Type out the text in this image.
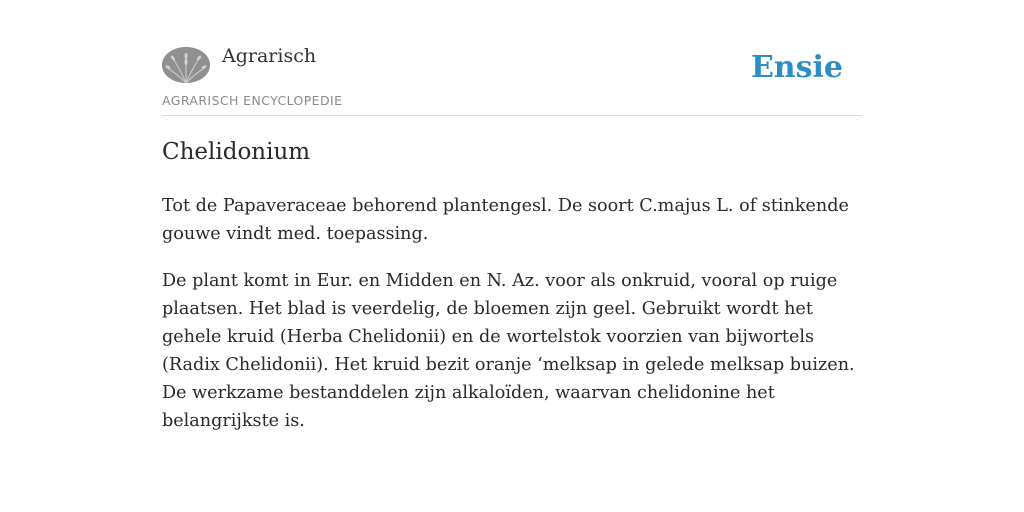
Agrarisch
AGRARISCH ENCYCLOPEDIE
Ensie
Chelidonium

Tot de Papaveraceae behorend plantengesl. De soort C.majus L. of stinkende gouwe vindt med. toepassing.

De plant komt in Eur. en Midden en N. Az. voor als onkruid, vooral op ruige plaatsen. Het blad is veerdelig, de bloemen zijn geel. Gebruikt wordt het gehele kruid (Herba Chelidonii) en de wortelstok voorzien van bijwortels (Radix Chelidonii). Het kruid bezit oranje ‘melksap in gelede melksap buizen. De werkzame bestanddelen zijn alkaloïden, waarvan chelidonine het belangrijkste is.
